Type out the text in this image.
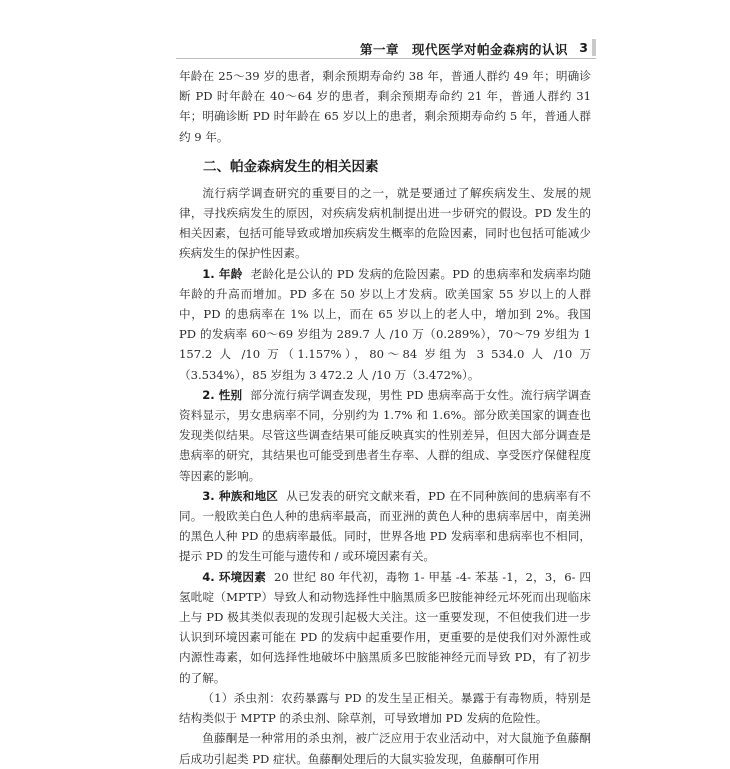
第一章　现代医学对帕金森病的认识 3

年龄在 25～39 岁的患者，剩余预期寿命约 38 年，普通人群约 49 年；明确诊断 PD 时年龄在 40～64 岁的患者，剩余预期寿命约 21 年，普通人群约 31 年；明确诊断 PD 时年龄在 65 岁以上的患者，剩余预期寿命约 5 年，普通人群约 9 年。

二、帕金森病发生的相关因素

流行病学调查研究的重要目的之一，就是要通过了解疾病发生、发展的规律，寻找疾病发生的原因，对疾病发病机制提出进一步研究的假设。PD 发生的相关因素，包括可能导致或增加疾病发生概率的危险因素，同时也包括可能减少疾病发生的保护性因素。

1. 年龄 老龄化是公认的 PD 发病的危险因素。PD 的患病率和发病率均随年龄的升高而增加。PD 多在 50 岁以上才发病。欧美国家 55 岁以上的人群中，PD 的患病率在 1% 以上，而在 65 岁以上的老人中，增加到 2%。我国 PD 的发病率 60～69 岁组为 289.7 人 /10 万（0.289%），70～79 岁组为 1 157.2 人 /10 万（1.157%），80～84 岁组为 3 534.0 人 /10 万（3.534%），85 岁组为 3 472.2 人 /10 万（3.472%）。

2. 性别 部分流行病学调查发现，男性 PD 患病率高于女性。流行病学调查资料显示，男女患病率不同，分别约为 1.7% 和 1.6%。部分欧美国家的调查也发现类似结果。尽管这些调查结果可能反映真实的性别差异，但因大部分调查是患病率的研究，其结果也可能受到患者生存率、人群的组成、享受医疗保健程度等因素的影响。

3. 种族和地区 从已发表的研究文献来看，PD 在不同种族间的患病率有不同。一般欧美白色人种的患病率最高，而亚洲的黄色人种的患病率居中，南美洲的黑色人种 PD 的患病率最低。同时，世界各地 PD 发病率和患病率也不相同，提示 PD 的发生可能与遗传和 / 或环境因素有关。

4. 环境因素 20 世纪 80 年代初，毒物 1- 甲基 -4- 苯基 -1，2，3，6- 四氢吡啶（MPTP）导致人和动物选择性中脑黑质多巴胺能神经元坏死而出现临床上与 PD 极其类似表现的发现引起极大关注。这一重要发现，不但使我们进一步认识到环境因素可能在 PD 的发病中起重要作用，更重要的是使我们对外源性或内源性毒素，如何选择性地破坏中脑黑质多巴胺能神经元而导致 PD，有了初步的了解。

（1）杀虫剂：农药暴露与 PD 的发生呈正相关。暴露于有毒物质，特别是结构类似于 MPTP 的杀虫剂、除草剂，可导致增加 PD 发病的危险性。

鱼藤酮是一种常用的杀虫剂，被广泛应用于农业活动中，对大鼠施予鱼藤酮后成功引起类 PD 症状。鱼藤酮处理后的大鼠实验发现，鱼藤酮可作用
